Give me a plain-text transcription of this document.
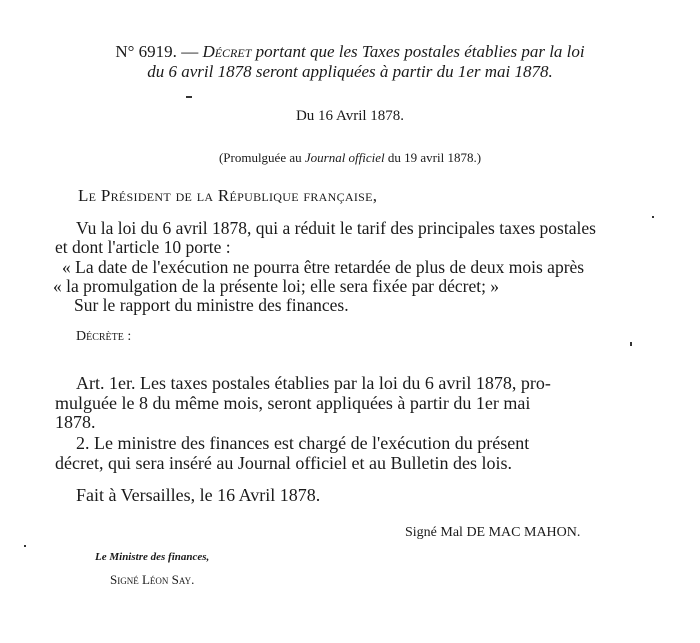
N° 6919. — Décret portant que les Taxes postales établies par la loi
du 6 avril 1878 seront appliquées à partir du 1er mai 1878.
Du 16 Avril 1878.
(Promulguée au Journal officiel du 19 avril 1878.)
Le Président de la République française,
Vu la loi du 6 avril 1878, qui a réduit le tarif des principales taxes postales
et dont l'article 10 porte :
« La date de l'exécution ne pourra être retardée de plus de deux mois après
« la promulgation de la présente loi; elle sera fixée par décret; »
Sur le rapport du ministre des finances.
Décrète :
Art. 1er. Les taxes postales établies par la loi du 6 avril 1878, pro-
mulguée le 8 du même mois, seront appliquées à partir du 1er mai
1878.
2. Le ministre des finances est chargé de l'exécution du présent
décret, qui sera inséré au Journal officiel et au Bulletin des lois.
Fait à Versailles, le 16 Avril 1878.
Signé Mal DE MAC MAHON.
Le Ministre des finances,
Signé Léon Say.
